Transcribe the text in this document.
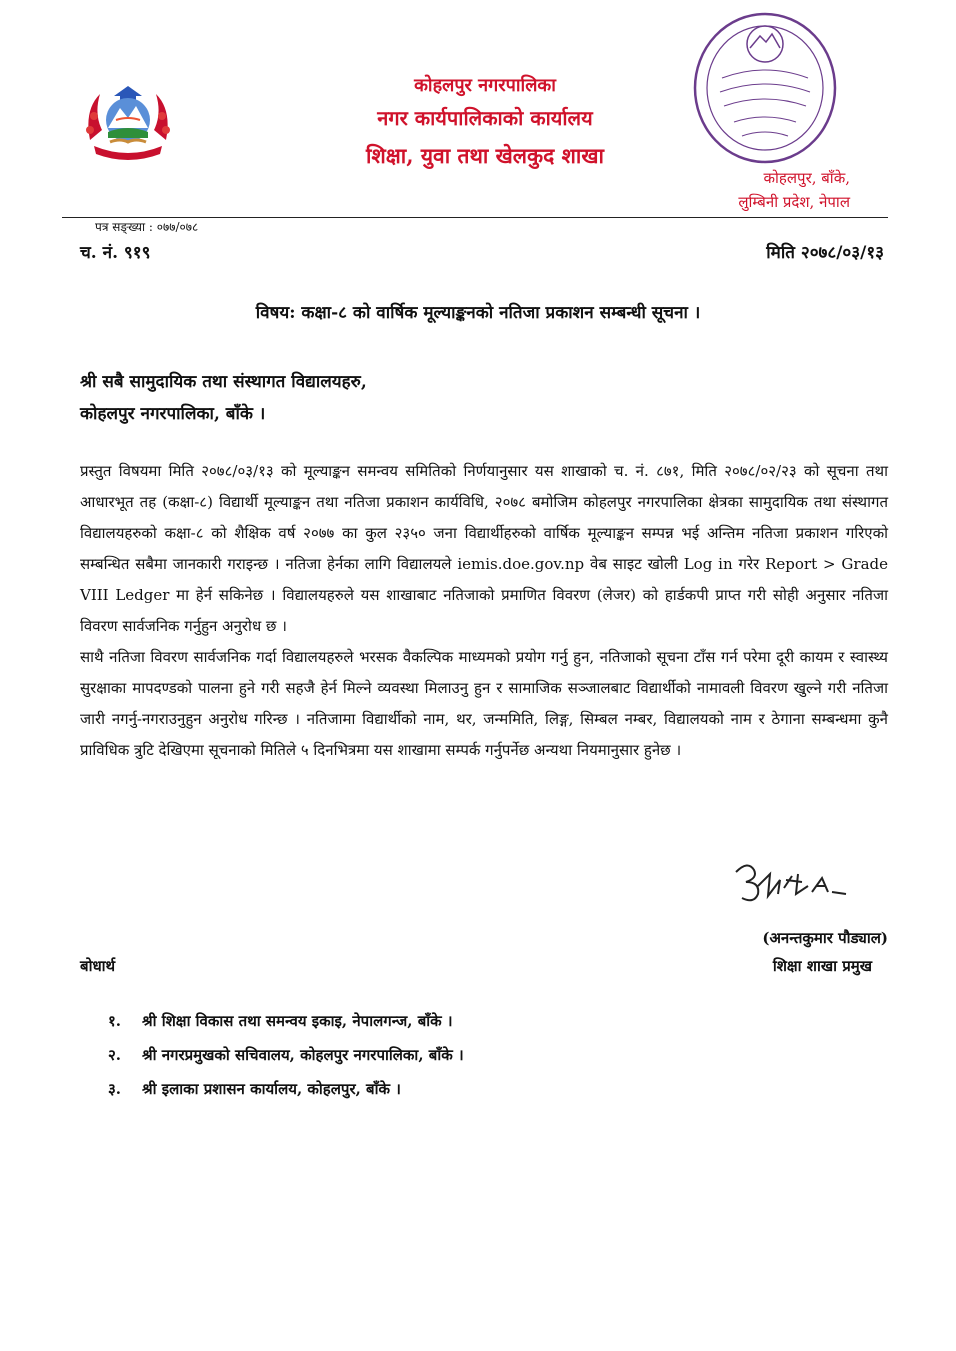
कोहलपुर नगरपालिका
नगर कार्यपालिकाको कार्यालय
शिक्षा, युवा तथा खेलकुद शाखा
कोहलपुर, बाँके,
लुम्बिनी प्रदेश, नेपाल
पत्र सङ्ख्या : ०७७/०७८
च. नं. ९१९	मिति २०७८/०३/१३
विषय: कक्षा-८ को वार्षिक मूल्याङ्कनको नतिजा प्रकाशन सम्बन्धी सूचना ।
श्री सबै सामुदायिक तथा संस्थागत विद्यालयहरु,
कोहलपुर नगरपालिका, बाँके ।

प्रस्तुत विषयमा मिति २०७८/०३/१३ को मूल्याङ्कन समन्वय समितिको निर्णयानुसार यस शाखाको च. नं. ८७१, मिति २०७८/०२/२३ को सूचना तथा आधारभूत तह (कक्षा-८) विद्यार्थी मूल्याङ्कन तथा नतिजा प्रकाशन कार्यविधि, २०७८ बमोजिम कोहलपुर नगरपालिका क्षेत्रका सामुदायिक तथा संस्थागत विद्यालयहरुको कक्षा-८ को शैक्षिक वर्ष २०७७ का कुल २३५० जना विद्यार्थीहरुको वार्षिक मूल्याङ्कन सम्पन्न भई अन्तिम नतिजा प्रकाशन गरिएको सम्बन्धित सबैमा जानकारी गराइन्छ । नतिजा हेर्नका लागि विद्यालयले iemis.doe.gov.np वेब साइट खोली Log in गरेर Report > Grade VIII Ledger मा हेर्न सकिनेछ । विद्यालयहरुले यस शाखाबाट नतिजाको प्रमाणित विवरण (लेजर) को हार्डकपी प्राप्त गरी सोही अनुसार नतिजा विवरण सार्वजनिक गर्नुहुन अनुरोध छ ।

साथै नतिजा विवरण सार्वजनिक गर्दा विद्यालयहरुले भरसक वैकल्पिक माध्यमको प्रयोग गर्नु हुन, नतिजाको सूचना टाँस गर्न परेमा दूरी कायम र स्वास्थ्य सुरक्षाका मापदण्डको पालना हुने गरी सहजै हेर्न मिल्ने व्यवस्था मिलाउनु हुन र सामाजिक सञ्जालबाट विद्यार्थीको नामावली विवरण खुल्ने गरी नतिजा जारी नगर्नु-नगराउनुहुन अनुरोध गरिन्छ । नतिजामा विद्यार्थीको नाम, थर, जन्ममिति, लिङ्ग, सिम्बल नम्बर, विद्यालयको नाम र ठेगाना सम्बन्धमा कुनै प्राविधिक त्रुटि देखिएमा सूचनाको मितिले ५ दिनभित्रमा यस शाखामा सम्पर्क गर्नुपर्नेछ अन्यथा नियमानुसार हुनेछ ।

(अनन्तकुमार पौड्याल)
शिक्षा शाखा प्रमुख
बोधार्थ
१. श्री शिक्षा विकास तथा समन्वय इकाइ, नेपालगन्ज, बाँके ।
२. श्री नगरप्रमुखको सचिवालय, कोहलपुर नगरपालिका, बाँके ।
३. श्री इलाका प्रशासन कार्यालय, कोहलपुर, बाँके ।
